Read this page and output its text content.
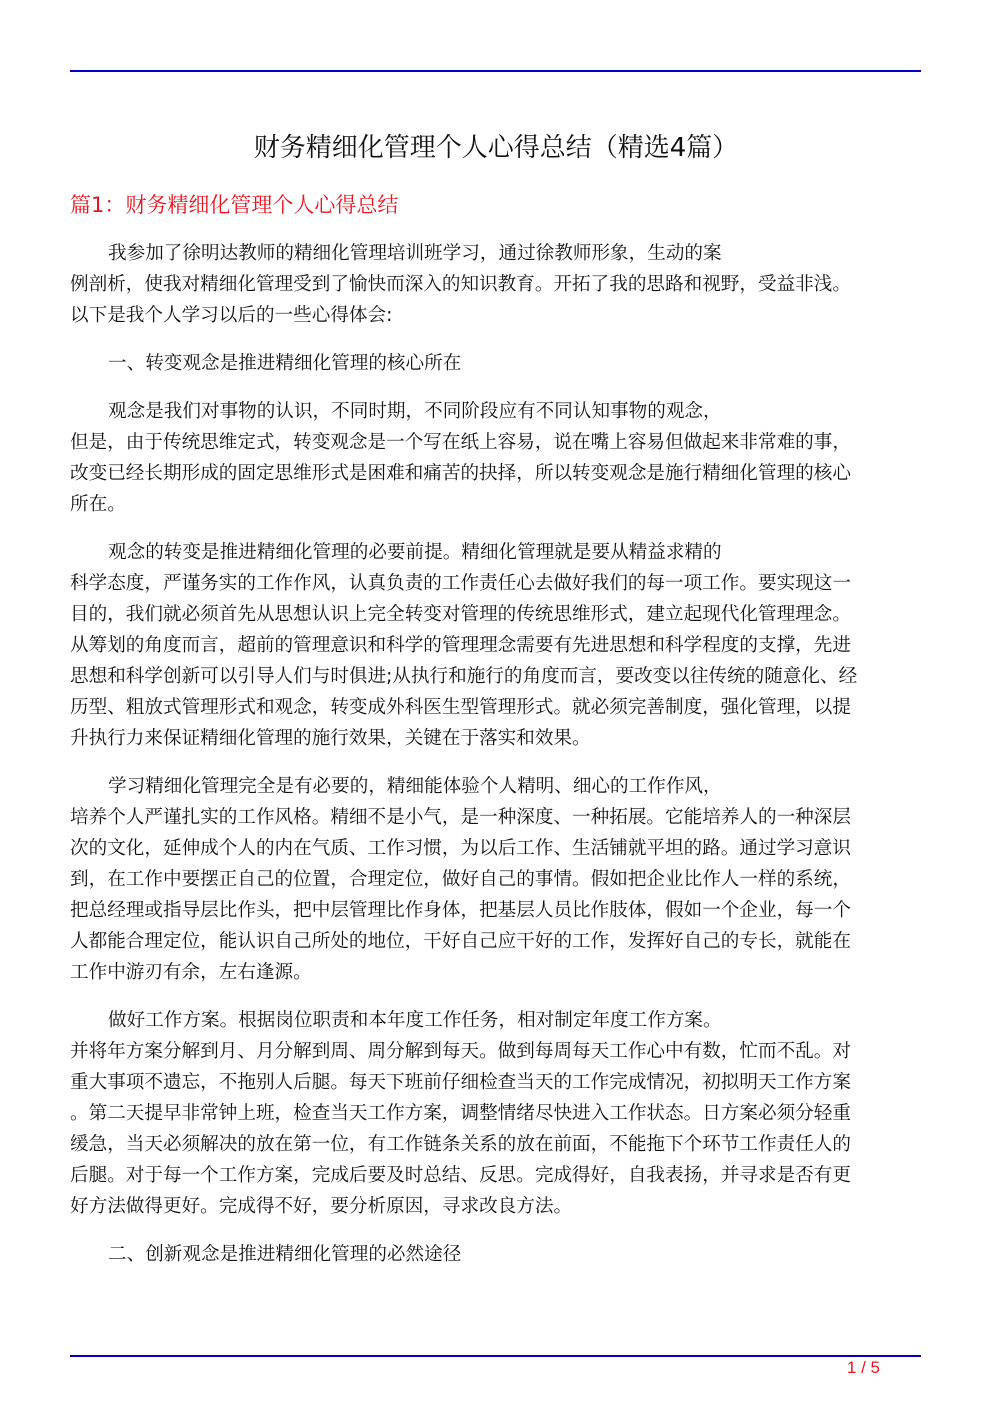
财务精细化管理个人心得总结（精选4篇）
篇1：财务精细化管理个人心得总结
我参加了徐明达教师的精细化管理培训班学习，通过徐教师形象，生动的案
例剖析，使我对精细化管理受到了愉快而深入的知识教育。开拓了我的思路和视野，受益非浅。
以下是我个人学习以后的一些心得体会:
一、转变观念是推进精细化管理的核心所在
观念是我们对事物的认识，不同时期，不同阶段应有不同认知事物的观念，
但是，由于传统思维定式，转变观念是一个写在纸上容易，说在嘴上容易但做起来非常难的事，
改变已经长期形成的固定思维形式是困难和痛苦的抉择，所以转变观念是施行精细化管理的核心
所在。
观念的转变是推进精细化管理的必要前提。精细化管理就是要从精益求精的
科学态度，严谨务实的工作作风，认真负责的工作责任心去做好我们的每一项工作。要实现这一
目的，我们就必须首先从思想认识上完全转变对管理的传统思维形式，建立起现代化管理理念。
从筹划的角度而言，超前的管理意识和科学的管理理念需要有先进思想和科学程度的支撑，先进
思想和科学创新可以引导人们与时俱进;从执行和施行的角度而言，要改变以往传统的随意化、经
历型、粗放式管理形式和观念，转变成外科医生型管理形式。就必须完善制度，强化管理，以提
升执行力来保证精细化管理的施行效果，关键在于落实和效果。
学习精细化管理完全是有必要的，精细能体验个人精明、细心的工作作风，
培养个人严谨扎实的工作风格。精细不是小气，是一种深度、一种拓展。它能培养人的一种深层
次的文化，延伸成个人的内在气质、工作习惯，为以后工作、生活铺就平坦的路。通过学习意识
到，在工作中要摆正自己的位置，合理定位，做好自己的事情。假如把企业比作人一样的系统，
把总经理或指导层比作头，把中层管理比作身体，把基层人员比作肢体，假如一个企业，每一个
人都能合理定位，能认识自己所处的地位，干好自己应干好的工作，发挥好自己的专长，就能在
工作中游刃有余，左右逢源。
做好工作方案。根据岗位职责和本年度工作任务，相对制定年度工作方案。
并将年方案分解到月、月分解到周、周分解到每天。做到每周每天工作心中有数，忙而不乱。对
重大事项不遗忘，不拖别人后腿。每天下班前仔细检查当天的工作完成情况，初拟明天工作方案
。第二天提早非常钟上班，检查当天工作方案，调整情绪尽快进入工作状态。日方案必须分轻重
缓急，当天必须解决的放在第一位，有工作链条关系的放在前面，不能拖下个环节工作责任人的
后腿。对于每一个工作方案，完成后要及时总结、反思。完成得好，自我表扬，并寻求是否有更
好方法做得更好。完成得不好，要分析原因，寻求改良方法。
二、创新观念是推进精细化管理的必然途径
1 / 5
